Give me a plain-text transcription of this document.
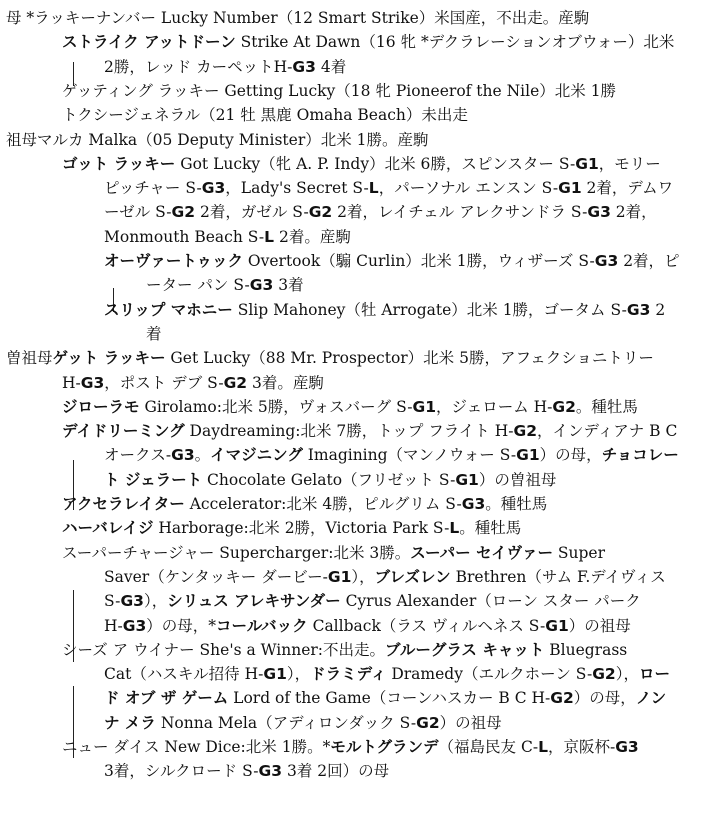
母 *ラッキーナンバー Lucky Number（12 Smart Strike）米国産，不出走。産駒
ストライク アットドーン Strike At Dawn（16 牝 *デクラレーションオブウォー）北米
2勝，レッド カーペットH-G3 4着
ゲッティング ラッキー Getting Lucky（18 牝 Pioneerof the Nile）北米 1勝
トクシージェネラル（21 牡 黒鹿 Omaha Beach）未出走
祖母マルカ Malka（05 Deputy Minister）北米 1勝。産駒
ゴット ラッキー Got Lucky（牝 A. P. Indy）北米 6勝，スピンスター S-G1，モリー
ピッチャー S-G3，Lady's Secret S-L，パーソナル エンスン S-G1 2着，デムワ
ーゼル S-G2 2着，ガゼル S-G2 2着，レイチェル アレクサンドラ S-G3 2着，
Monmouth Beach S-L 2着。産駒
オーヴァートゥック Overtook（騸 Curlin）北米 1勝，ウィザーズ S-G3 2着，ピ
ーター パン S-G3 3着
スリップ マホニー Slip Mahoney（牡 Arrogate）北米 1勝，ゴータム S-G3 2
着
曽祖母ゲット ラッキー Get Lucky（88 Mr. Prospector）北米 5勝，アフェクショニトリー
H-G3，ポスト デブ S-G2 3着。産駒
ジローラモ Girolamo:北米 5勝，ヴォスバーグ S-G1，ジェローム H-G2。種牡馬
デイドリーミング Daydreaming:北米 7勝，トップ フライト H-G2，インディアナ B C
オークス-G3。イマジニング Imagining（マンノウォー S-G1）の母，チョコレー
ト ジェラート Chocolate Gelato（フリゼット S-G1）の曽祖母
アクセラレイター Accelerator:北米 4勝，ピルグリム S-G3。種牡馬
ハーバレイジ Harborage:北米 2勝，Victoria Park S-L。種牡馬
スーパーチャージャー Supercharger:北米 3勝。スーパー セイヴァー Super
Saver（ケンタッキー ダービー-G1），ブレズレン Brethren（サム F.デイヴィス
S-G3），シリュス アレキサンダー Cyrus Alexander（ローン スター パーク
H-G3）の母，*コールバック Callback（ラス ヴィルヘネス S-G1）の祖母
シーズ ア ウイナー She's a Winner:不出走。ブルーグラス キャット Bluegrass
Cat（ハスキル招待 H-G1），ドラミディ Dramedy（エルクホーン S-G2），ロー
ド オブ ザ ゲーム Lord of the Game（コーンハスカー B C H-G2）の母，ノン
ナ メラ Nonna Mela（アディロンダック S-G2）の祖母
ニュー ダイス New Dice:北米 1勝。*モルトグランデ（福島民友 C-L，京阪杯-G3
3着，シルクロード S-G3 3着 2回）の母
